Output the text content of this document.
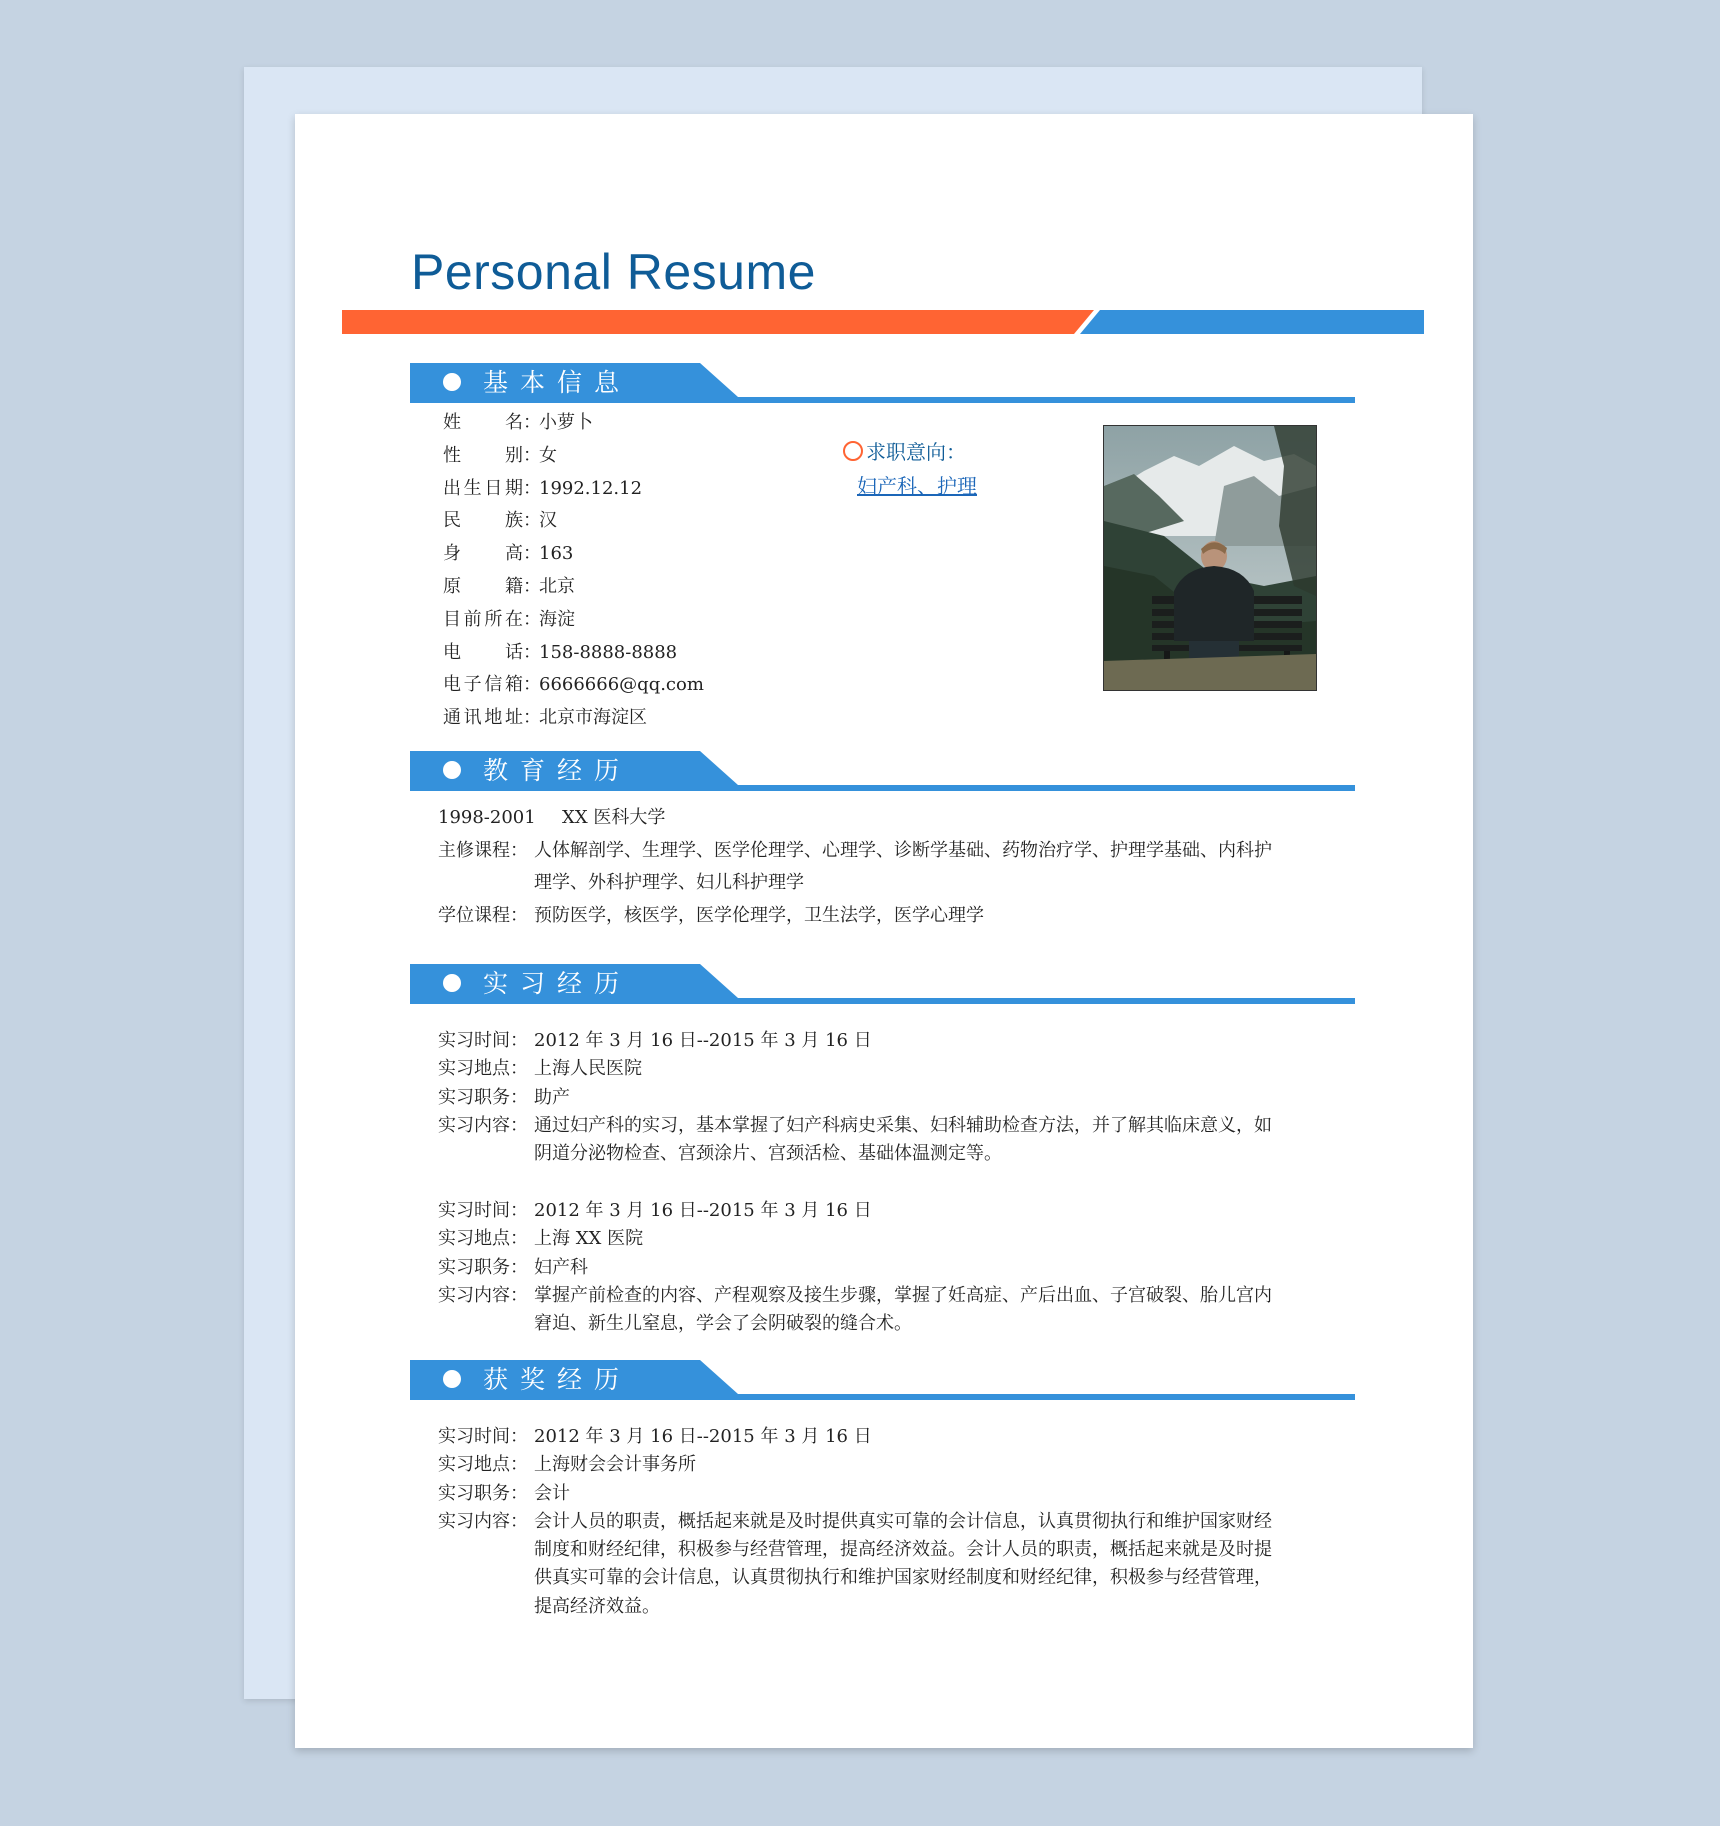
Personal Resume
基本信息
姓名 ：
小萝卜
性别 ：
女
出生日期 ：
1992.12.12
民族 ：
汉
身高 ：
163
原籍 ：
北京
目前所在 ：
海淀
电话 ：
158-8888-8888
电子信箱 ：
6666666@qq.com
通讯地址 ：
北京市海淀区
求职意向：
妇产科、护理
教育经历
1998-2001	XX 医科大学
主修课程： 人体解剖学、生理学、医学伦理学、心理学、诊断学基础、药物治疗学、护理学基础、内科护理学、外科护理学、妇儿科护理学
学位课程： 预防医学，核医学，医学伦理学，卫生法学，医学心理学
实习经历
实习时间： 2012 年 3 月 16 日--2015 年 3 月 16 日
实习地点： 上海人民医院
实习职务： 助产
实习内容： 通过妇产科的实习，基本掌握了妇产科病史采集、妇科辅助检查方法，并了解其临床意义，如阴道分泌物检查、宫颈涂片、宫颈活检、基础体温测定等。
实习时间： 2012 年 3 月 16 日--2015 年 3 月 16 日
实习地点： 上海 XX 医院
实习职务： 妇产科
实习内容： 掌握产前检查的内容、产程观察及接生步骤，掌握了妊高症、产后出血、子宫破裂、胎儿宫内窘迫、新生儿窒息，学会了会阴破裂的缝合术。
获奖经历
实习时间： 2012 年 3 月 16 日--2015 年 3 月 16 日
实习地点： 上海财会会计事务所
实习职务： 会计
实习内容： 会计人员的职责，概括起来就是及时提供真实可靠的会计信息，认真贯彻执行和维护国家财经制度和财经纪律，积极参与经营管理，提高经济效益。会计人员的职责，概括起来就是及时提供真实可靠的会计信息，认真贯彻执行和维护国家财经制度和财经纪律，积极参与经营管理，提高经济效益。
